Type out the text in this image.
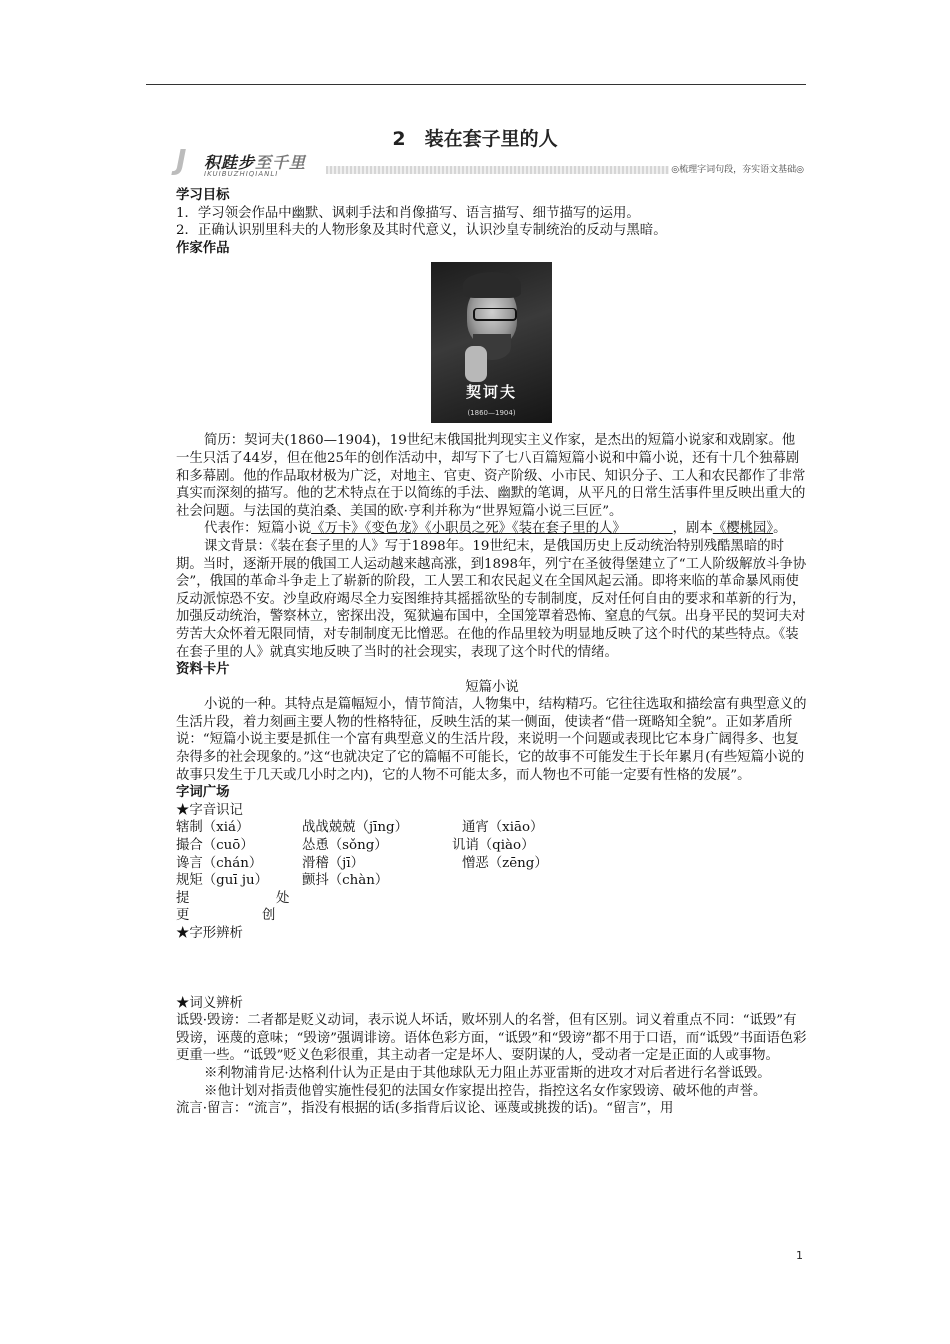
2　装在套子里的人
J 积跬步至千里
IKUIBUZHIQIANLI	◎梳理字词句段，夯实语文基础◎

学习目标

1．学习领会作品中幽默、讽刺手法和肖像描写、语言描写、细节描写的运用。

2．正确认识别里科夫的人物形象及其时代意义，认识沙皇专制统治的反动与黑暗。

作家作品

契诃夫
(1860—1904)

简历：契诃夫(1860—1904)，19世纪末俄国批判现实主义作家，是杰出的短篇小说家和戏剧家。他一生只活了44岁，但在他25年的创作活动中，却写下了七八百篇短篇小说和中篇小说，还有十几个独幕剧和多幕剧。他的作品取材极为广泛，对地主、官吏、资产阶级、小市民、知识分子、工人和农民都作了非常真实而深刻的描写。他的艺术特点在于以简练的手法、幽默的笔调，从平凡的日常生活事件里反映出重大的社会问题。与法国的莫泊桑、美国的欧·亨利并称为“世界短篇小说三巨匠”。

代表作：短篇小说《万卡》《变色龙》《小职员之死》《装在套子里的人》　　　　	，剧本《樱桃园》。

课文背景：《装在套子里的人》写于1898年。19世纪末，是俄国历史上反动统治特别残酷黑暗的时期。当时，逐渐开展的俄国工人运动越来越高涨，到1898年，列宁在圣彼得堡建立了“工人阶级解放斗争协会”，俄国的革命斗争走上了崭新的阶段，工人罢工和农民起义在全国风起云涌。即将来临的革命暴风雨使反动派惊恐不安。沙皇政府竭尽全力妄图维持其摇摇欲坠的专制制度，反对任何自由的要求和革新的行为，加强反动统治，警察林立，密探出没，冤狱遍布国中，全国笼罩着恐怖、窒息的气氛。出身平民的契诃夫对劳苦大众怀着无限同情，对专制制度无比憎恶。在他的作品里较为明显地反映了这个时代的某些特点。《装在套子里的人》就真实地反映了当时的社会现实，表现了这个时代的情绪。

资料卡片

短篇小说

小说的一种。其特点是篇幅短小，情节简洁，人物集中，结构精巧。它往往选取和描绘富有典型意义的生活片段，着力刻画主要人物的性格特征，反映生活的某一侧面，使读者“借一斑略知全貌”。正如茅盾所说：“短篇小说主要是抓住一个富有典型意义的生活片段，来说明一个问题或表现比它本身广阔得多、也复杂得多的社会现象的。”这“也就决定了它的篇幅不可能长，它的故事不可能发生于长年累月(有些短篇小说的故事只发生于几天或几小时之内)，它的人物不可能太多，而人物也不可能一定要有性格的发展”。

字词广场

★字音识记

辖制（xiá）	战战兢兢（jīng）	通宵（xiāo）
撮合（cuō）	怂恿（sǒng）	讥诮（qiào）
谗言（chán）	滑稽（jī）	憎恶（zēng）
规矩（guī ju）	颤抖（chàn）
提	处
更	创

★字形辨析

★词义辨析

诋毁·毁谤：二者都是贬义动词，表示说人坏话，败坏别人的名誉，但有区别。词义着重点不同：“诋毁”有毁谤，诬蔑的意味；“毁谤”强调诽谤。语体色彩方面，“诋毁”和“毁谤”都不用于口语，而“诋毁”书面语色彩更重一些。“诋毁”贬义色彩很重，其主动者一定是坏人、耍阴谋的人，受动者一定是正面的人或事物。

※利物浦肯尼·达格利什认为正是由于其他球队无力阻止苏亚雷斯的进攻才对后者进行名誉诋毁。

※他计划对指责他曾实施性侵犯的法国女作家提出控告，指控这名女作家毁谤、破坏他的声誉。

流言·留言：“流言”，指没有根据的话(多指背后议论、诬蔑或挑拨的话)。“留言”，用

1
